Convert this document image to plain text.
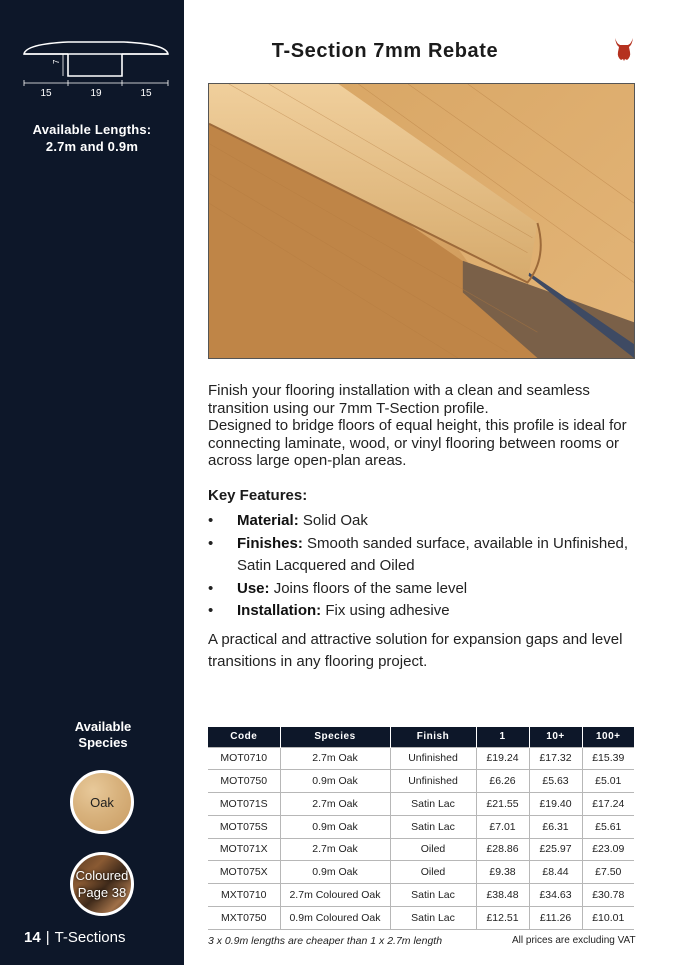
7
15	19	15
Available Lengths:
2.7m and 0.9m
Available
Species
Oak
Coloured
Page 38
14 | T-Sections
T-Section 7mm Rebate
Finish your flooring installation with a clean and seamless transition using our 7mm T-Section profile.
Designed to bridge floors of equal height, this profile is ideal for connecting laminate, wood, or vinyl flooring between rooms or across large open-plan areas.
Key Features:
• Material: Solid Oak
• Finishes: Smooth sanded surface, available in Unfinished, Satin Lacquered and Oiled
• Use: Joins floors of the same level
• Installation: Fix using adhesive
A practical and attractive solution for expansion gaps and level transitions in any flooring project.
Code	Species	Finish	1	10+	100+
MOT0710	2.7m Oak	Unfinished	£19.24	£17.32	£15.39
MOT0750	0.9m Oak	Unfinished	£6.26	£5.63	£5.01
MOT071S	2.7m Oak	Satin Lac	£21.55	£19.40	£17.24
MOT075S	0.9m Oak	Satin Lac	£7.01	£6.31	£5.61
MOT071X	2.7m Oak	Oiled	£28.86	£25.97	£23.09
MOT075X	0.9m Oak	Oiled	£9.38	£8.44	£7.50
MXT0710	2.7m Coloured Oak	Satin Lac	£38.48	£34.63	£30.78
MXT0750	0.9m Coloured Oak	Satin Lac	£12.51	£11.26	£10.01
3 x 0.9m lengths are cheaper than 1 x 2.7m length	All prices are excluding VAT
